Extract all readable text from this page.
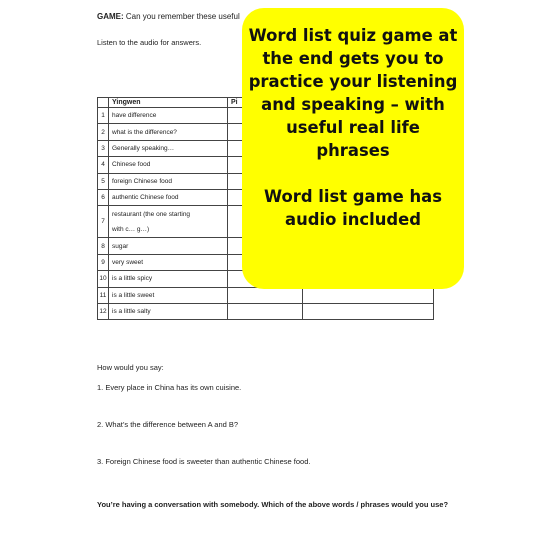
GAME: Can you remember these useful
Listen to the audio for answers.
	Yingwen	Pi	
1	have difference		
2	what is the difference?		
3	Generally speaking…		
4	Chinese food		
5	foreign Chinese food		
6	authentic Chinese food		
7	restaurant (the one starting
with c… g…)		
8	sugar		
9	very sweet		
10	is a little spicy		
11	is a little sweet		
12	is a little salty		
How would you say:
1. Every place in China has its own cuisine.
2. What’s the difference between A and B?
3. Foreign Chinese food is sweeter than authentic Chinese food.
You’re having a conversation with somebody. Which of the above words / phrases would you use?

Word list quiz game at the end gets you to practice your listening and speaking – with useful real life phrases

Word list game has audio included
